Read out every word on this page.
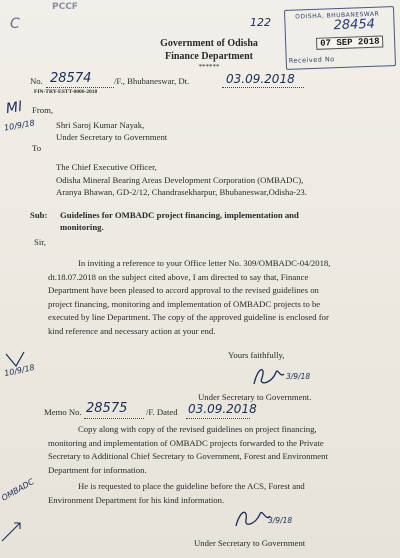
PCCF
C
ODISHA, BHUBANESWAR
28454
07 SEP 2018
Received No
122
Government of Odisha
Finance Department
******
No. 28574	/F., Bhubaneswar, Dt.	03.09.2018
FIN-TRY-ESTT-0006-2018
Ml
10/9/18
From,
Shri Saroj Kumar Nayak,
Under Secretary to Government
To
The Chief Executive Officer,
Odisha Mineral Bearing Areas Development Corporation (OMBADC),
Aranya Bhawan, GD-2/12, Chandrasekharpur, Bhubaneswar,Odisha-23.
Sub: Guidelines for OMBADC project financing, implementation and
monitoring.
Sir,
In inviting a reference to your Office letter No. 309/OMBADC-04/2018,
dt.18.07.2018 on the subject cited above, I am directed to say that, Finance
Department have been pleased to accord approval to the revised guidelines on
project financing, monitoring and implementation of OMBADC projects to be
executed by line Department. The copy of the approved guideline is enclosed for
kind reference and necessary action at your end.
Yours faithfully,
10/9/18	3/9/18
Under Secretary to Government.
Memo No. 28575 /F. Dated 03.09.2018
Copy along with copy of the revised guidelines on project financing,
monitoring and implementation of OMBADC projects forwarded to the Private
Secretary to Additional Chief Secretary to Government, Forest and Environment
Department for information.
He is requested to place the guideline before the ACS, Forest and
Environment Department for his kind information.
OMBADC
3/9/18
Under Secretary to Government
